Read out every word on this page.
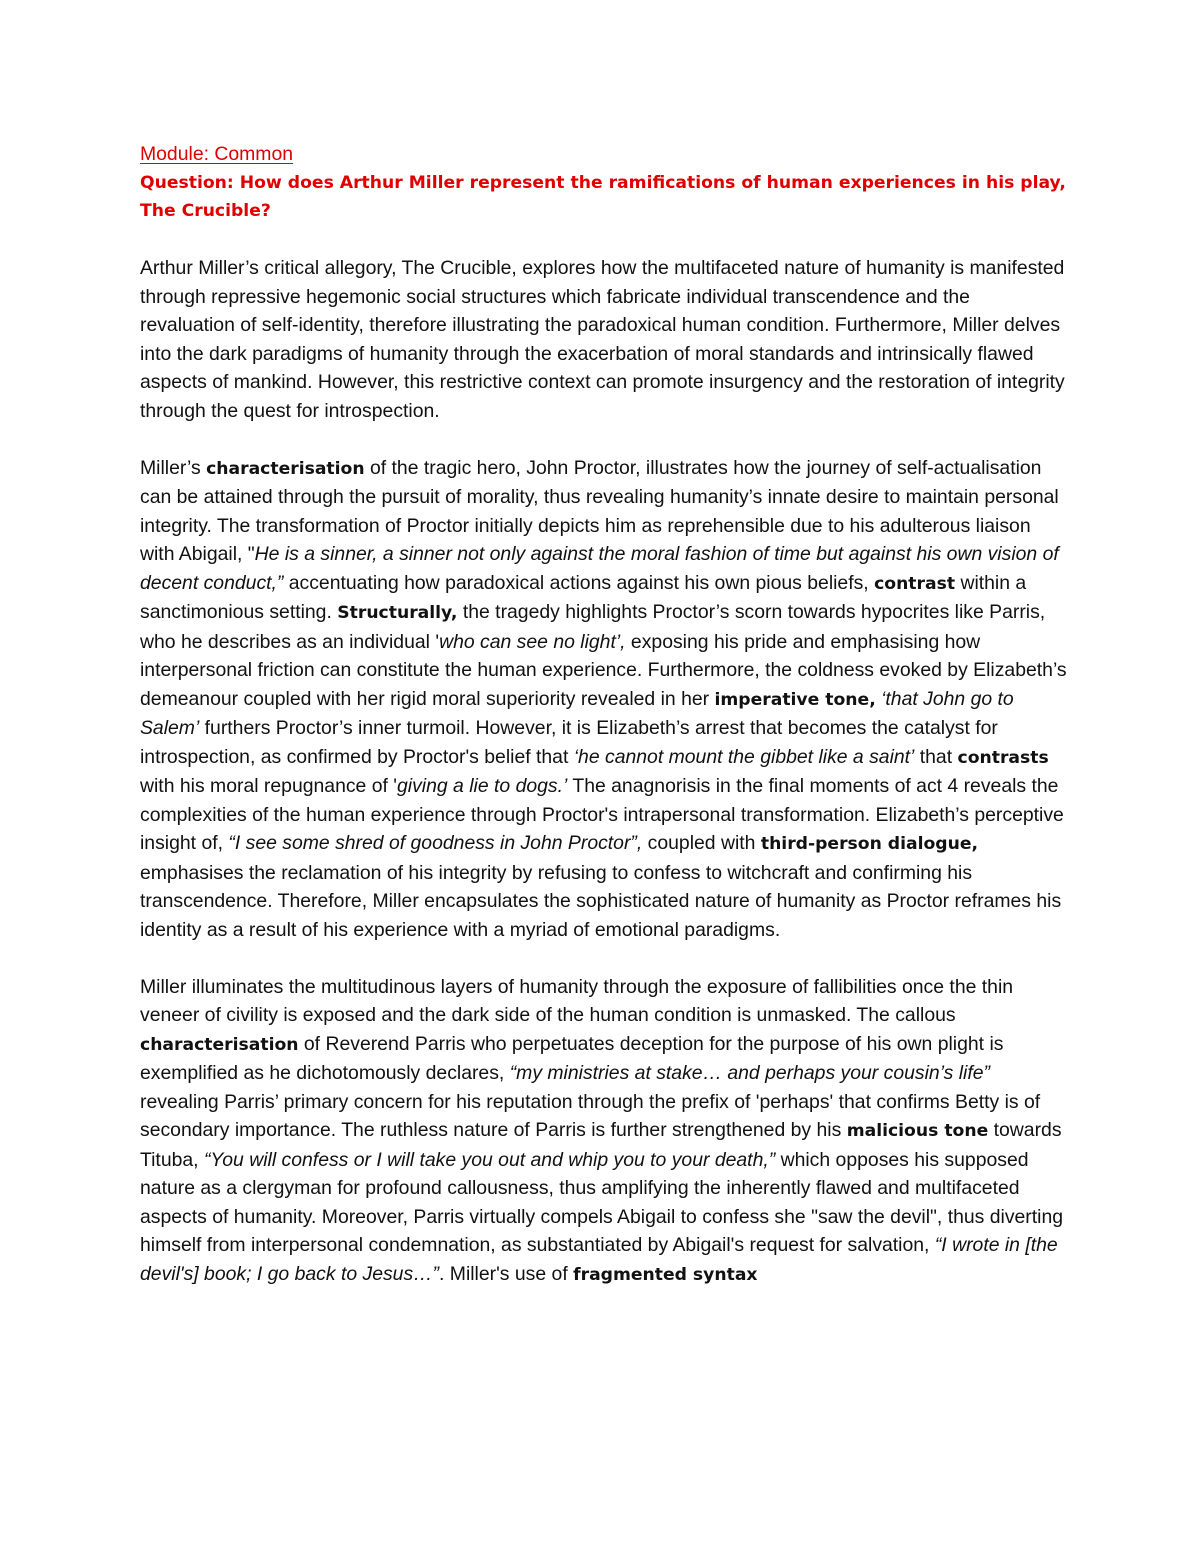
Module: Common

Question: How does Arthur Miller represent the ramifications of human experiences in his play, The Crucible?

Arthur Miller’s critical allegory, The Crucible, explores how the multifaceted nature of humanity is manifested through repressive hegemonic social structures which fabricate individual transcendence and the revaluation of self-identity, therefore illustrating the paradoxical human condition. Furthermore, Miller delves into the dark paradigms of humanity through the exacerbation of moral standards and intrinsically flawed aspects of mankind. However, this restrictive context can promote insurgency and the restoration of integrity through the quest for introspection.

Miller’s characterisation of the tragic hero, John Proctor, illustrates how the journey of self-actualisation can be attained through the pursuit of morality, thus revealing humanity’s innate desire to maintain personal integrity. The transformation of Proctor initially depicts him as reprehensible due to his adulterous liaison with Abigail, "He is a sinner, a sinner not only against the moral fashion of time but against his own vision of decent conduct,” accentuating how paradoxical actions against his own pious beliefs, contrast within a sanctimonious setting. Structurally, the tragedy highlights Proctor’s scorn towards hypocrites like Parris, who he describes as an individual 'who can see no light’, exposing his pride and emphasising how interpersonal friction can constitute the human experience. Furthermore, the coldness evoked by Elizabeth’s demeanour coupled with her rigid moral superiority revealed in her imperative tone, ‘that John go to Salem’ furthers Proctor’s inner turmoil. However, it is Elizabeth’s arrest that becomes the catalyst for introspection, as confirmed by Proctor's belief that ‘he cannot mount the gibbet like a saint’ that contrasts with his moral repugnance of 'giving a lie to dogs.’ The anagnorisis in the final moments of act 4 reveals the complexities of the human experience through Proctor's intrapersonal transformation. Elizabeth’s perceptive insight of, “I see some shred of goodness in John Proctor”, coupled with third-person dialogue, emphasises the reclamation of his integrity by refusing to confess to witchcraft and confirming his transcendence. Therefore, Miller encapsulates the sophisticated nature of humanity as Proctor reframes his identity as a result of his experience with a myriad of emotional paradigms.

Miller illuminates the multitudinous layers of humanity through the exposure of fallibilities once the thin veneer of civility is exposed and the dark side of the human condition is unmasked. The callous characterisation of Reverend Parris who perpetuates deception for the purpose of his own plight is exemplified as he dichotomously declares, “my ministries at stake… and perhaps your cousin’s life” revealing Parris’ primary concern for his reputation through the prefix of 'perhaps' that confirms Betty is of secondary importance. The ruthless nature of Parris is further strengthened by his malicious tone towards Tituba, “You will confess or I will take you out and whip you to your death,” which opposes his supposed nature as a clergyman for profound callousness, thus amplifying the inherently flawed and multifaceted aspects of humanity. Moreover, Parris virtually compels Abigail to confess she "saw the devil", thus diverting himself from interpersonal condemnation, as substantiated by Abigail's request for salvation, “I wrote in [the devil's] book; I go back to Jesus…”. Miller's use of fragmented syntax
